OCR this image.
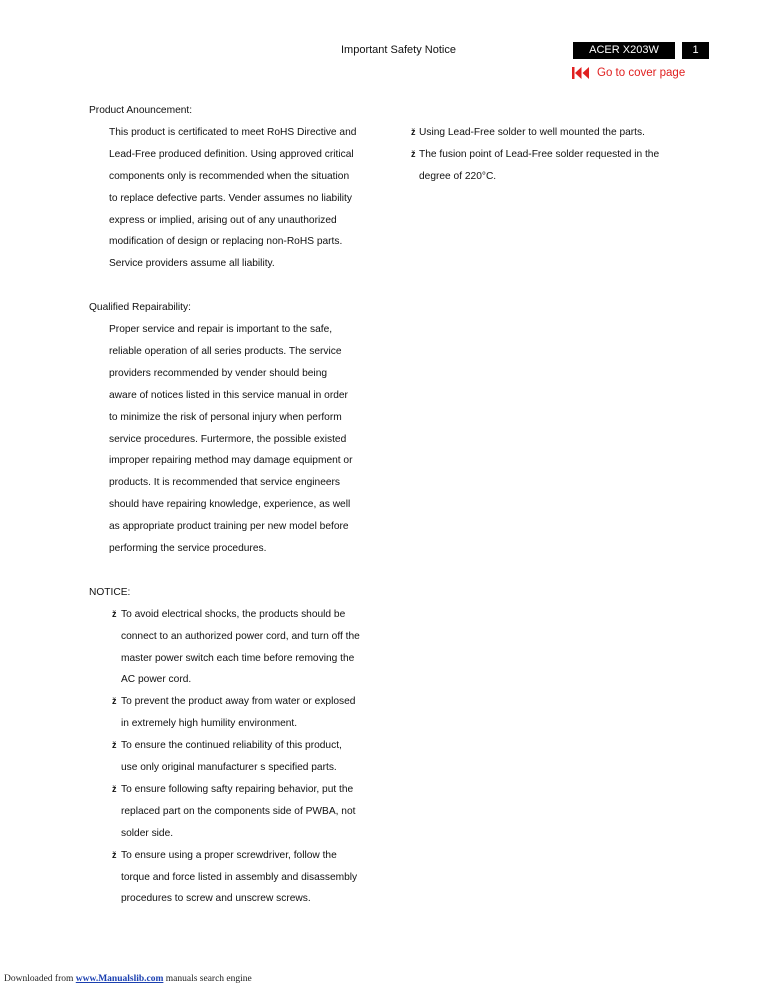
Important Safety Notice	ACER X203W	1
Go to cover page
Product Anouncement:
This product is certificated to meet RoHS Directive and
Lead-Free produced definition. Using approved critical
components only is recommended when the situation
to replace defective parts. Vender assumes no liability
express or implied, arising out of any unauthorized
modification of design or replacing non-RoHS parts.
Service providers assume all liability.
Qualified Repairability:
Proper service and repair is important to the safe,
reliable operation of all series products. The service
providers recommended by vender should being
aware of notices listed in this service manual in order
to minimize the risk of personal injury when perform
service procedures. Furtermore, the possible existed
improper repairing method may damage equipment or
products. It is recommended that service engineers
should have repairing knowledge, experience, as well
as appropriate product training per new model before
performing the service procedures.
NOTICE:
ž To avoid electrical shocks, the products should be
connect to an authorized power cord, and turn off the
master power switch each time before removing the
AC power cord.
ž To prevent the product away from water or explosed
in extremely high humility environment.
ž To ensure the continued reliability of this product,
use only original manufacturer s specified parts.
ž To ensure following safty repairing behavior, put the
replaced part on the components side of PWBA, not
solder side.
ž To ensure using a proper screwdriver, follow the
torque and force listed in assembly and disassembly
procedures to screw and unscrew screws.
ž Using Lead-Free solder to well mounted the parts.
ž The fusion point of Lead-Free solder requested in the
degree of 220°C.
Downloaded from www.Manualslib.com manuals search engine
